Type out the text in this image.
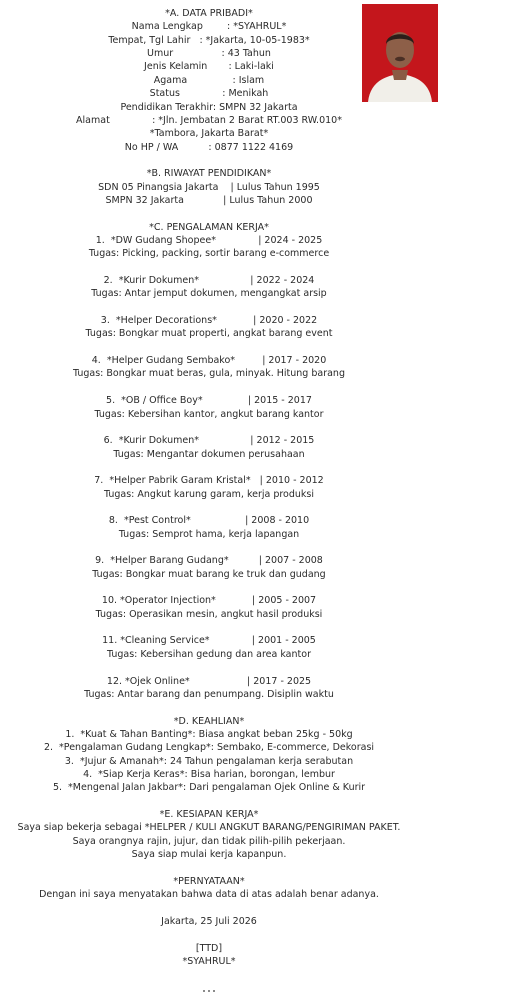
*A. DATA PRIBADI*
Nama Lengkap        : *SYAHRUL*
Tempat, Tgl Lahir   : *Jakarta, 10-05-1983*
Umur                : 43 Tahun
Jenis Kelamin       : Laki-laki
Agama               : Islam
Status              : Menikah
Pendidikan Terakhir: SMPN 32 Jakarta
Alamat              : *Jln. Jembatan 2 Barat RT.003 RW.010*
*Tambora, Jakarta Barat*
No HP / WA          : 0877 1122 4169
*B. RIWAYAT PENDIDIKAN*
SDN 05 Pinangsia Jakarta    | Lulus Tahun 1995
SMPN 32 Jakarta             | Lulus Tahun 2000
*C. PENGALAMAN KERJA*
1.  *DW Gudang Shopee*              | 2024 - 2025
Tugas: Picking, packing, sortir barang e-commerce
2.  *Kurir Dokumen*                 | 2022 - 2024
Tugas: Antar jemput dokumen, mengangkat arsip
3.  *Helper Decorations*            | 2020 - 2022
Tugas: Bongkar muat properti, angkat barang event
4.  *Helper Gudang Sembako*         | 2017 - 2020
Tugas: Bongkar muat beras, gula, minyak. Hitung barang
5.  *OB / Office Boy*               | 2015 - 2017
Tugas: Kebersihan kantor, angkut barang kantor
6.  *Kurir Dokumen*                 | 2012 - 2015
Tugas: Mengantar dokumen perusahaan
7.  *Helper Pabrik Garam Kristal*   | 2010 - 2012
Tugas: Angkut karung garam, kerja produksi
8.  *Pest Control*                  | 2008 - 2010
Tugas: Semprot hama, kerja lapangan
9.  *Helper Barang Gudang*          | 2007 - 2008
Tugas: Bongkar muat barang ke truk dan gudang
10. *Operator Injection*            | 2005 - 2007
Tugas: Operasikan mesin, angkut hasil produksi
11. *Cleaning Service*              | 2001 - 2005
Tugas: Kebersihan gedung dan area kantor
12. *Ojek Online*                   | 2017 - 2025
Tugas: Antar barang dan penumpang. Disiplin waktu
*D. KEAHLIAN*
1.  *Kuat & Tahan Banting*: Biasa angkat beban 25kg - 50kg
2.  *Pengalaman Gudang Lengkap*: Sembako, E-commerce, Dekorasi
3.  *Jujur & Amanah*: 24 Tahun pengalaman kerja serabutan
4.  *Siap Kerja Keras*: Bisa harian, borongan, lembur
5.  *Mengenal Jalan Jakbar*: Dari pengalaman Ojek Online & Kurir
*E. KESIAPAN KERJA*
Saya siap bekerja sebagai *HELPER / KULI ANGKUT BARANG/PENGIRIMAN PAKET.
Saya orangnya rajin, jujur, dan tidak pilih-pilih pekerjaan.
Saya siap mulai kerja kapanpun.
*PERNYATAAN*
Dengan ini saya menyatakan bahwa data di atas adalah benar adanya.
Jakarta, 25 Juli 2026
[TTD]
*SYAHRUL*
